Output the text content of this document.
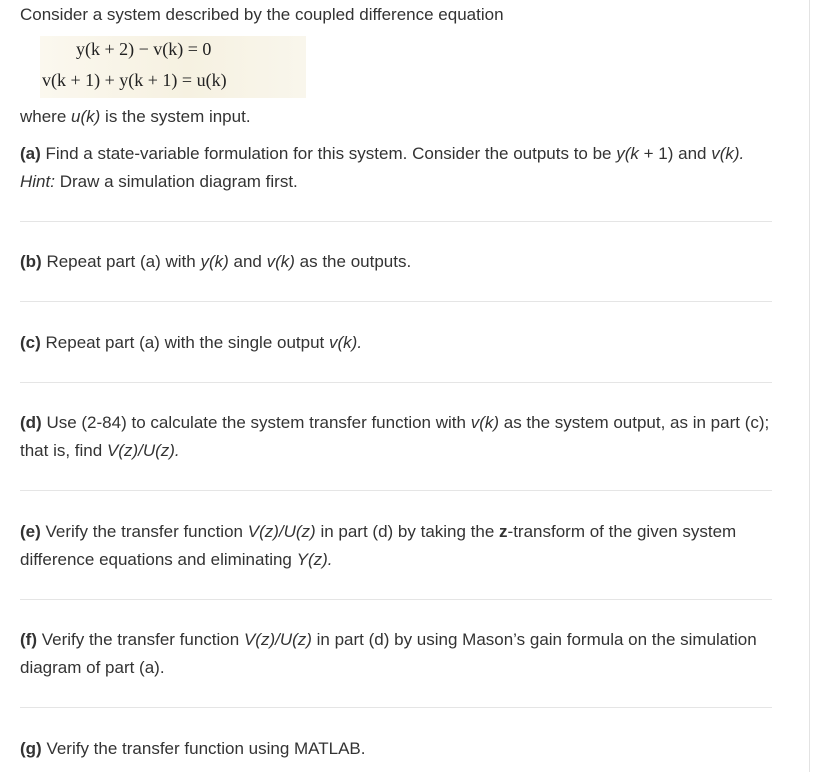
Consider a system described by the coupled difference equation
y(k + 2) − v(k) = 0
v(k + 1) + y(k + 1) = u(k)
where u(k) is the system input.
(a) Find a state-variable formulation for this system. Consider the outputs to be y(k + 1) and v(k).
Hint: Draw a simulation diagram first.
(b) Repeat part (a) with y(k) and v(k) as the outputs.
(c) Repeat part (a) with the single output v(k).
(d) Use (2-84) to calculate the system transfer function with v(k) as the system output, as in part (c); that is, find V(z)/U(z).
(e) Verify the transfer function V(z)/U(z) in part (d) by taking the z-transform of the given system difference equations and eliminating Y(z).
(f) Verify the transfer function V(z)/U(z) in part (d) by using Mason’s gain formula on the simulation diagram of part (a).
(g) Verify the transfer function using MATLAB.
